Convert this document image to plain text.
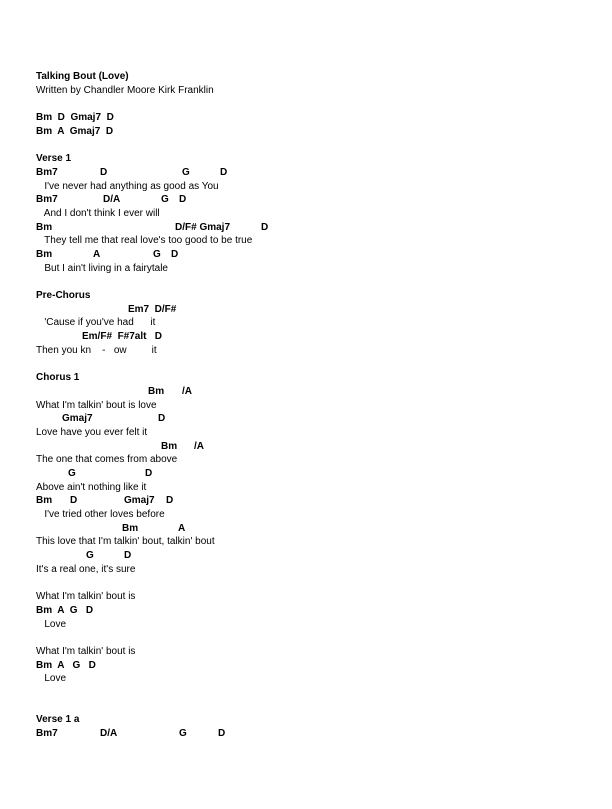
Talking Bout (Love)
Written by Chandler Moore Kirk Franklin
Bm  D  Gmaj7  D
Bm  A  Gmaj7  D
Verse 1

Bm7

	D

	G

	D

I've never had anything as good as You

Bm7

	D/A

	G

D

And I don't think I ever will

Bm

	D/F# Gmaj7

	D

They tell me that real love's too good to be true

Bm

	A

	G

D

But I ain't living in a fairytale
Pre-Chorus

Em7  D/F#

'Cause if you've had      it

Em/F#  F#7alt   D

Then you kn    -   ow         it
Chorus 1

Bm

/A

What I'm talkin' bout is love

Gmaj7

	D

Love have you ever felt it

Bm

/A

The one that comes from above

G

	D

Above ain't nothing like it

Bm

D

	Gmaj7

D

I've tried other loves before

Bm

	A

This love that I'm talkin' bout, talkin' bout

G

	D

It's a real one, it's sure
What I'm talkin' bout is
Bm  A  G   D
Love
What I'm talkin' bout is
Bm  A   G   D
Love
Verse 1 a

Bm7

	D/A

	G

	D
